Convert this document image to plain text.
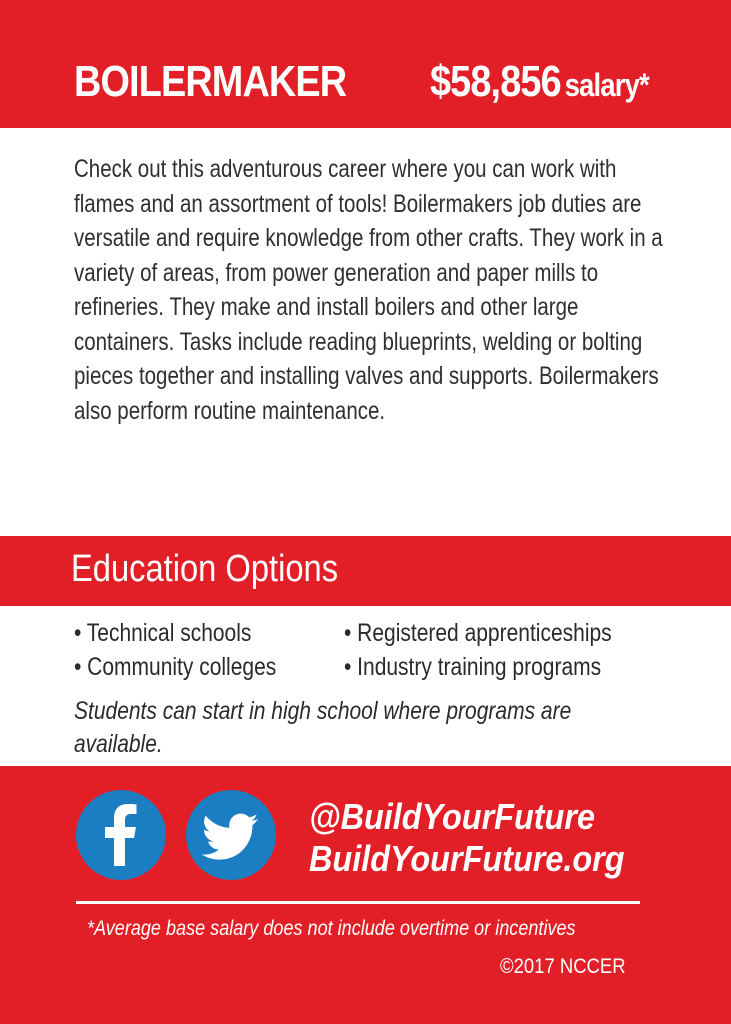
BOILERMAKER $58,856 salary*
Check out this adventurous career where you can work with flames and an assortment of tools! Boilermakers job duties are versatile and require knowledge from other crafts. They work in a variety of areas, from power generation and paper mills to refineries. They make and install boilers and other large containers. Tasks include reading blueprints, welding or bolting pieces together and installing valves and supports. Boilermakers also perform routine maintenance.
Education Options
• Technical schools
• Community colleges
• Registered apprenticeships
• Industry training programs
Students can start in high school where programs are available.
@BuildYourFuture
BuildYourFuture.org
*Average base salary does not include overtime or incentives
©2017 NCCER
